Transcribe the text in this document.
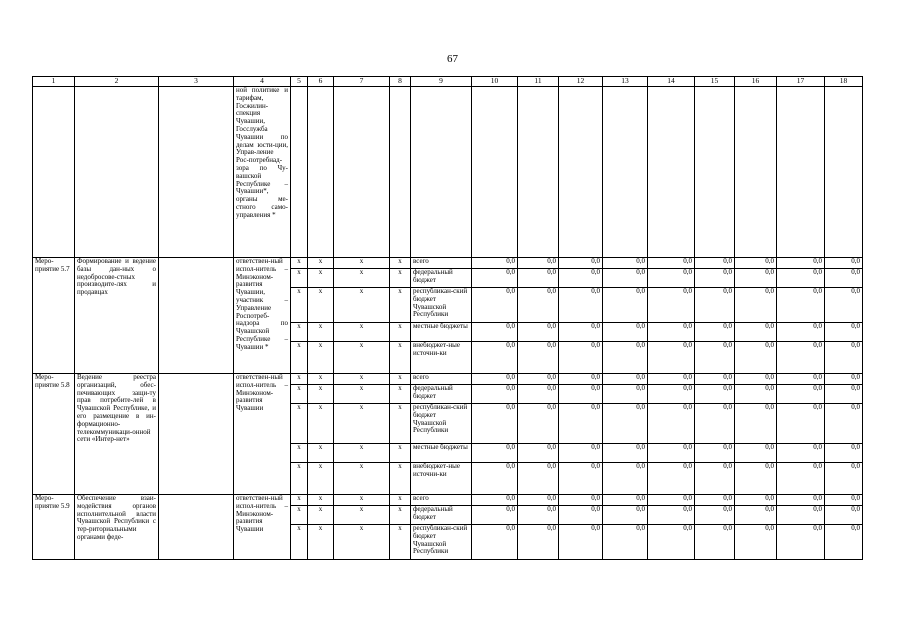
67
1	2	3	4	5	6	7	8	9	10	11	12	13	14	15	16	17	18
			ной политике и тарифам, Госжилин-спекция Чувашии, Госслужба Чувашии по делам юсти-ции, Управ-ление Рос-потребнад-зора по Чу-вашской Республике – Чувашии*, органы ме-стного само-управления *														
Меро-приятие 5.7	Формирование и ведение базы дан-ных о недобросове-стных производите-лях и продавцах		ответствен-ный испол-нитель – Минэконом-развития Чувашии, участник – Управление Роспотреб-надзора по Чувашской Республике – Чувашии *	x	x	x	x	всего	0,0	0,0	0,0	0,0	0,0	0,0	0,0	0,0	0,0
				x	x	x	x	федеральный бюджет	0,0	0,0	0,0	0,0	0,0	0,0	0,0	0,0	0,0
				x	x	x	x	республикан-ский бюджет Чувашской Республики	0,0	0,0	0,0	0,0	0,0	0,0	0,0	0,0	0,0
				x	x	x	x	местные бюджеты	0,0	0,0	0,0	0,0	0,0	0,0	0,0	0,0	0,0
				x	x	x	x	внебюджет-ные источни-ки	0,0	0,0	0,0	0,0	0,0	0,0	0,0	0,0	0,0
Меро-приятие 5.8	Ведение реестра организаций, обес-печивающих защи-ту прав потребите-лей в Чувашской Республике, и его размещение в ин-формационно-телекоммуникаци-онной сети «Интер-нет»		ответствен-ный испол-нитель – Минэконом-развития Чувашии	x	x	x	x	всего	0,0	0,0	0,0	0,0	0,0	0,0	0,0	0,0	0,0
				x	x	x	x	федеральный бюджет	0,0	0,0	0,0	0,0	0,0	0,0	0,0	0,0	0,0
				x	x	x	x	республикан-ский бюджет Чувашской Республики	0,0	0,0	0,0	0,0	0,0	0,0	0,0	0,0	0,0
				x	x	x	x	местные бюджеты	0,0	0,0	0,0	0,0	0,0	0,0	0,0	0,0	0,0
				x	x	x	x	внебюджет-ные источни-ки	0,0	0,0	0,0	0,0	0,0	0,0	0,0	0,0	0,0
Меро-приятие 5.9	Обеспечение взаи-модействия органов исполнительной власти Чувашской Республики с тер-риториальными органами феде-		ответствен-ный испол-нитель – Минэконом-развития Чувашии	x	x	x	x	всего	0,0	0,0	0,0	0,0	0,0	0,0	0,0	0,0	0,0
				x	x	x	x	федеральный бюджет	0,0	0,0	0,0	0,0	0,0	0,0	0,0	0,0	0,0
				x	x	x	x	республикан-ский бюджет Чувашской Республики	0,0	0,0	0,0	0,0	0,0	0,0	0,0	0,0	0,0
